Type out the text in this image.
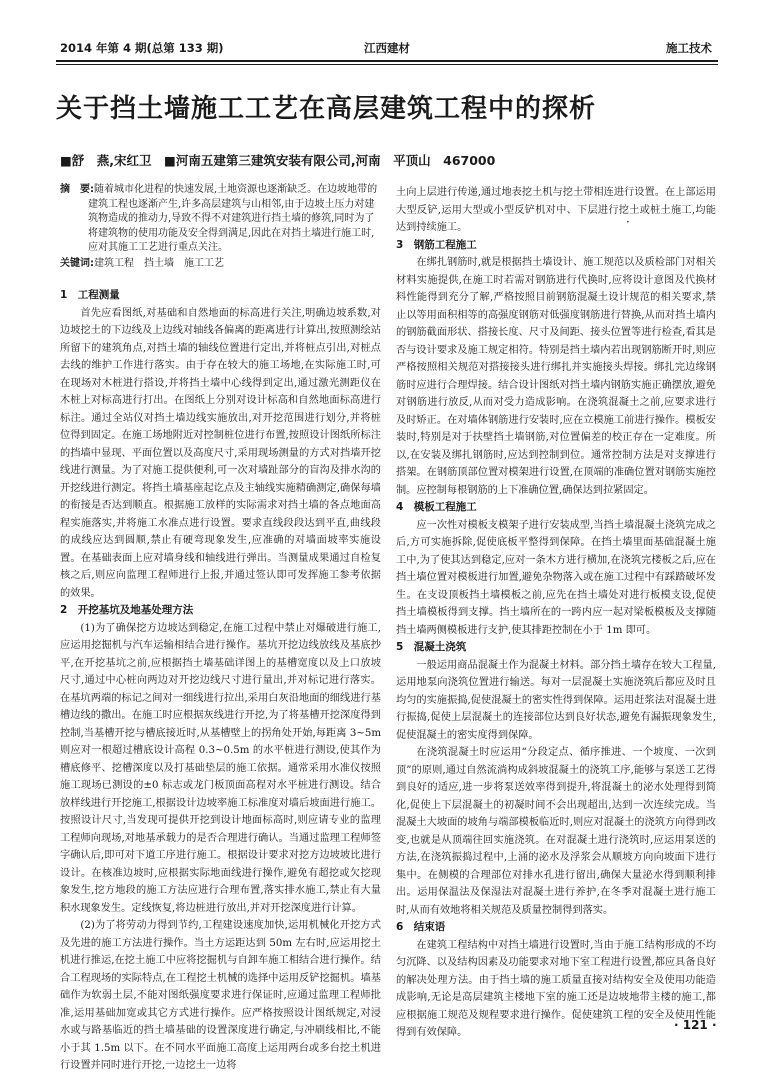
2014 年第 4 期(总第 133 期)	江西建材	施工技术
关于挡土墙施工工艺在高层建筑工程中的探析
■舒　燕,宋红卫　■河南五建第三建筑安装有限公司,河南　平顶山　467000

摘　要:随着城市化进程的快速发展,土地资源也逐渐缺乏。在边坡地带的建筑工程也逐渐产生,许多高层建筑与山相邻,由于边坡土压力对建筑物造成的推动力,导致不得不对建筑进行挡土墙的修筑,同时为了将建筑物的使用功能及安全得到满足,因此在对挡土墙进行施工时,应对其施工工艺进行重点关注。

关键词:建筑工程　挡土墙　施工工艺

1　工程测量

首先应看图纸,对基础和自然地面的标高进行关注,明确边坡系数,对边坡挖土的下边线及上边线对轴线各偏离的距离进行计算出,按照测绘站所留下的建筑角点,对挡土墙的轴线位置进行定出,并将桩点引出,对桩点去线的维护工作进行落实。由于存在较大的施工场地,在实际施工时,可在现场对木桩进行搭设,并将挡土墙中心线得到定出,通过激光测距仪在木桩上对标高进行打出。在图纸上分别对设计标高和自然地面标高进行标注。通过全站仪对挡土墙边线实施放出,对开挖范围进行划分,并将桩位得到固定。在施工场地附近对控制桩位进行布置,按照设计图纸所标注的挡墙中显现、平面位置以及高度尺寸,采用现场测量的方式对挡墙开挖线进行测量。为了对施工提供便利,可一次对墙趾部分的盲沟及排水沟的开挖线进行测定。将挡土墙基座起讫点及主轴线实施精确测定,确保每墙的衔接是否达到顺直。根据施工放样的实际需求对挡土墙的各点地面高程实施落实,并将施工水准点进行设置。要求直线段段达到平直,曲线段的成线应达到圆顺,禁止有硬弯现象发生,应准确的对墙面坡率实施设置。在基础表面上应对墙身线和轴线进行弹出。当测量成果通过自检复核之后,则应向监理工程师进行上报,并通过签认即可发挥施工参考依据的效果。

2　开挖基坑及地基处理方法

(1)为了确保挖方边坡达到稳定,在施工过程中禁止对爆破进行施工,应运用挖掘机与汽车运输相结合进行操作。基坑开挖边线放线及基底抄平,在开挖基坑之前,应根据挡土墙基础详图上的基槽宽度以及上口放坡尺寸,通过中心桩向两边对开挖边线尺寸进行量出,并对标记进行落实。在基坑两端的标记之间对一细线进行拉出,采用白灰沿地面的细线进行基槽边线的撒出。在施工时应根据灰线进行开挖,为了将基槽开挖深度得到控制,当基槽开挖与槽底接近时,从基槽壁上的拐角处开始,每距离 3~5m 则应对一根超过槽底设计高程 0.3~0.5m 的水平桩进行测设,使其作为槽底修平、挖槽深度以及打基础垫层的施工依据。通常采用水准仪按照施工现场已测设的±0 标志或龙门板顶面高程对水平桩进行测设。结合放样线进行开挖施工,根据设计边坡率施工标准度对墙后坡面进行施工。按照设计尺寸,当发现可提供开挖到设计地面标高时,则应请专业的监理工程师向现场,对地基承载力的是否合理进行确认。当通过监理工程师签字确认后,即可对下道工序进行施工。根据设计要求对挖方边坡坡比进行设计。在核准边坡时,应根据实际地面线进行操作,避免有超挖或欠挖现象发生,挖方地段的施工方法应进行合理布置,落实排水施工,禁止有大量积水现象发生。定线恢复,将边桩进行放出,并对开挖深度进行计算。

(2)为了将劳动力得到节约,工程建设速度加快,运用机械化开挖方式及先进的施工方法进行操作。当土方运距达到 50m 左右时,应运用挖土机进行推运,在挖土施工中应将挖掘机与自卸车施工相结合进行操作。结合工程现场的实际特点,在工程挖土机械的选择中运用反铲挖掘机。墙基础作为软弱土层,不能对图纸强度要求进行保证时,应通过监理工程师批准,运用基础加宽或其它方式进行操作。应严格按照设计图纸规定,对浸水或与路基临近的挡土墙基础的设置深度进行确定,与冲刷线相比,不能小于其 1.5m 以下。在不同水平面施工高度上运用两台或多台挖土机进行设置并同时进行开挖,一边挖土一边将

土向上层进行传递,通过地表挖土机与挖土带相连进行设置。在上部运用大型反铲,运用大型或小型反铲机对中、下层进行挖土或桩土施工,均能达到持续施工。

3　钢筋工程施工

在绑扎钢筋时,就是根据挡土墙设计、施工规范以及质检部门对相关材料实施提供,在施工时若需对钢筋进行代换时,应将设计意图及代换材料性能得到充分了解,严格按照目前钢筋混凝土设计规范的相关要求,禁止以等用面积相等的高强度钢筋对低强度钢筋进行替换,从而对挡土墙内的钢筋截面形状、搭接长度、尺寸及间距、接头位置等进行检查,看其是否与设计要求及施工规定相符。特别是挡土墙内若出现钢筋断开时,则应严格按照相关规范对搭接接头进行绑扎并实施接头焊接。绑扎完边缘钢筋时应进行合理焊接。结合设计图纸对挡土墙内钢筋实施正确摆放,避免对钢筋进行放反,从而对受力造成影响。在浇筑混凝土之前,应要求进行及时矫正。在对墙体钢筋进行安装时,应在立模施工前进行操作。模板安装时,特别是对于扶壁挡土墙钢筋,对位置偏差的校正存在一定难度。所以,在安装及绑扎钢筋时,应达到控制到位。通常控制方法是对支撑进行搭架。在钢筋顶部位置对模架进行设置,在顶端的准确位置对钢筋实施控制。应控制每根钢筋的上下准确位置,确保达到拉紧固定。

4　模板工程施工

应一次性对模板支模架子进行安装成型,当挡土墙混凝土浇筑完成之后,方可实施拆除,促使底板平整得到保障。在挡土墙里面基础混凝土施工中,为了使其达到稳定,应对一条木方进行横加,在浇筑完楼板之后,应在挡土墙位置对模板进行加置,避免杂物落入或在施工过程中有踩踏破坏发生。在支设顶板挡土墙模板之前,应先在挡土墙处对进行板模支设,促使挡土墙模板得到支撑。挡土墙所在的一跨内应一起对梁板模板及支撑随挡土墙两侧模板进行支护,使其排距控制在小于 1m 即可。

5　混凝土浇筑

一般运用商品混凝土作为混凝土材料。部分挡土墙存在较大工程量,运用地泵向浇筑位置进行输送。每对一层混凝土实施浇筑后都应及时且均匀的实施振捣,促使混凝土的密实性得到保障。运用赶浆法对混凝土进行振捣,促使上层混凝土的连接部位达到良好状态,避免有漏振现象发生,促使混凝土的密实度得到保障。

在浇筑混凝土时应运用“分段定点、循序推进、一个坡度、一次到顶”的原则,通过自然流淌构成斜坡混凝土的浇筑工序,能够与泵送工艺得到良好的适应,进一步将泵送效率得到提升,将混凝土的泌水处理得到简化,促使上下层混凝土的初凝时间不会出现超出,达到一次连续完成。当混凝土大坡面的坡角与端部模板临近时,则应对混凝土的浇筑方向得到改变,也就是从顶端往回实施浇筑。在对混凝土进行浇筑时,应运用泵送的方法,在浇筑振捣过程中,上涌的泌水及浮浆会从顺坡方向向坡面下进行集中。在侧模的合理部位对排水孔进行留出,确保大量泌水得到顺利排出。运用保温法及保湿法对混凝土进行养护,在冬季对混凝土进行施工时,从而有效地将相关规范及质量控制得到落实。

6　结束语

在建筑工程结构中对挡土墙进行设置时,当由于施工结构形成的不均匀沉降、以及结构因素及功能要求对地下室工程进行设置,都应具备良好的解决处理方法。由于挡土墙的施工质量直接对结构安全及使用功能造成影响,无论是高层建筑主楼地下室的施工还是边坡地带主楼的施工,都应根据施工规范及规程要求进行操作。促使建筑工程的安全及使用性能得到有效保障。

·
· 121 ·
